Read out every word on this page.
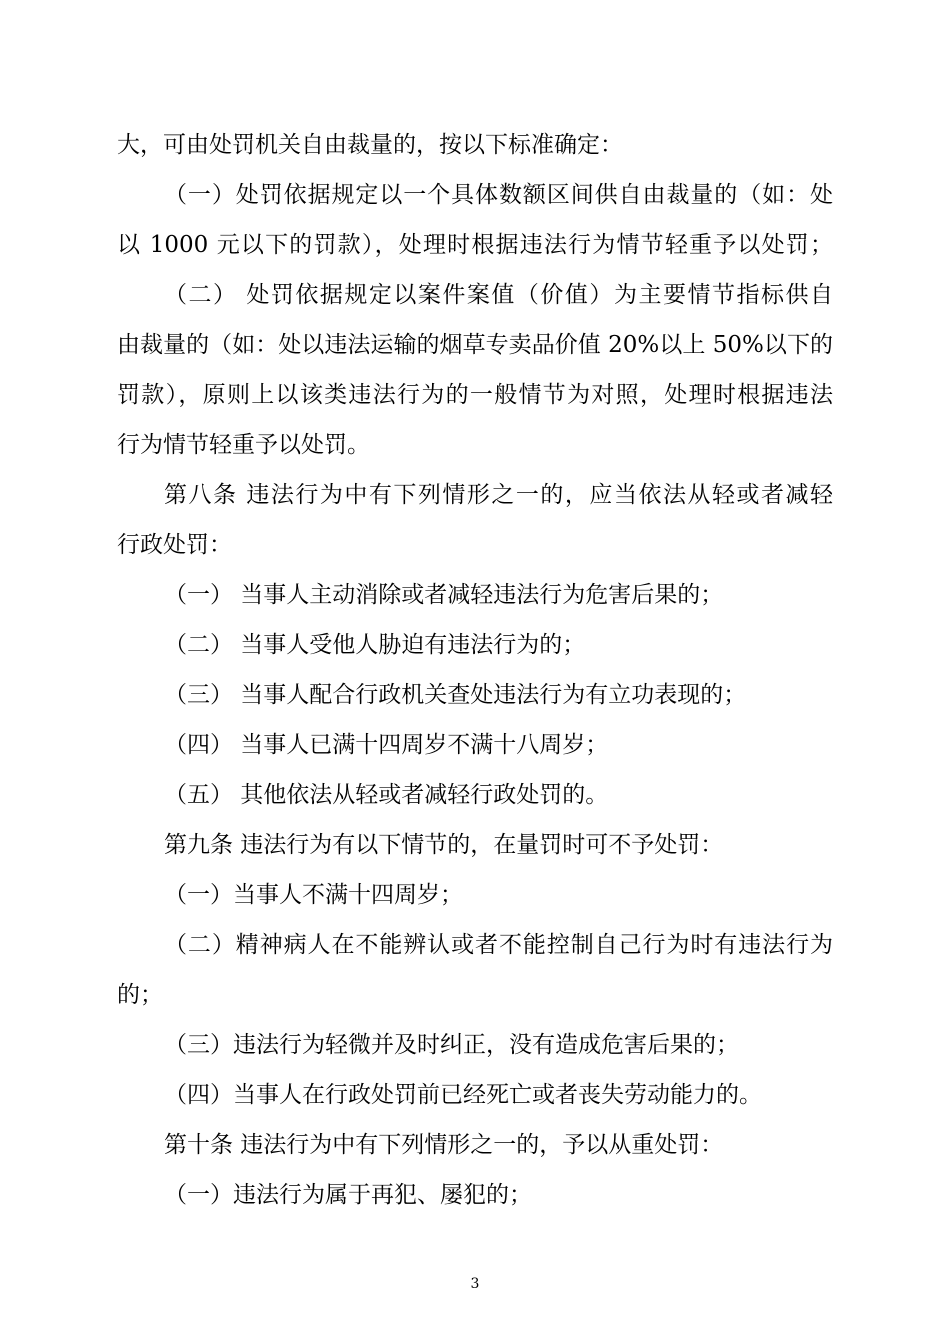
大，可由处罚机关自由裁量的，按以下标准确定：
（一）处罚依据规定以一个具体数额区间供自由裁量的（如：处
以 1000 元以下的罚款），处理时根据违法行为情节轻重予以处罚；
（二） 处罚依据规定以案件案值（价值）为主要情节指标供自
由裁量的（如：处以违法运输的烟草专卖品价值 20%以上 50%以下的
罚款），原则上以该类违法行为的一般情节为对照，处理时根据违法
行为情节轻重予以处罚。
第八条 违法行为中有下列情形之一的，应当依法从轻或者减轻
行政处罚：
（一） 当事人主动消除或者减轻违法行为危害后果的；
（二） 当事人受他人胁迫有违法行为的；
（三） 当事人配合行政机关查处违法行为有立功表现的；
（四） 当事人已满十四周岁不满十八周岁；
（五） 其他依法从轻或者减轻行政处罚的。
第九条 违法行为有以下情节的，在量罚时可不予处罚：
（一）当事人不满十四周岁；
（二）精神病人在不能辨认或者不能控制自己行为时有违法行为
的；
（三）违法行为轻微并及时纠正，没有造成危害后果的；
（四）当事人在行政处罚前已经死亡或者丧失劳动能力的。
第十条 违法行为中有下列情形之一的，予以从重处罚：
（一）违法行为属于再犯、屡犯的；
3
